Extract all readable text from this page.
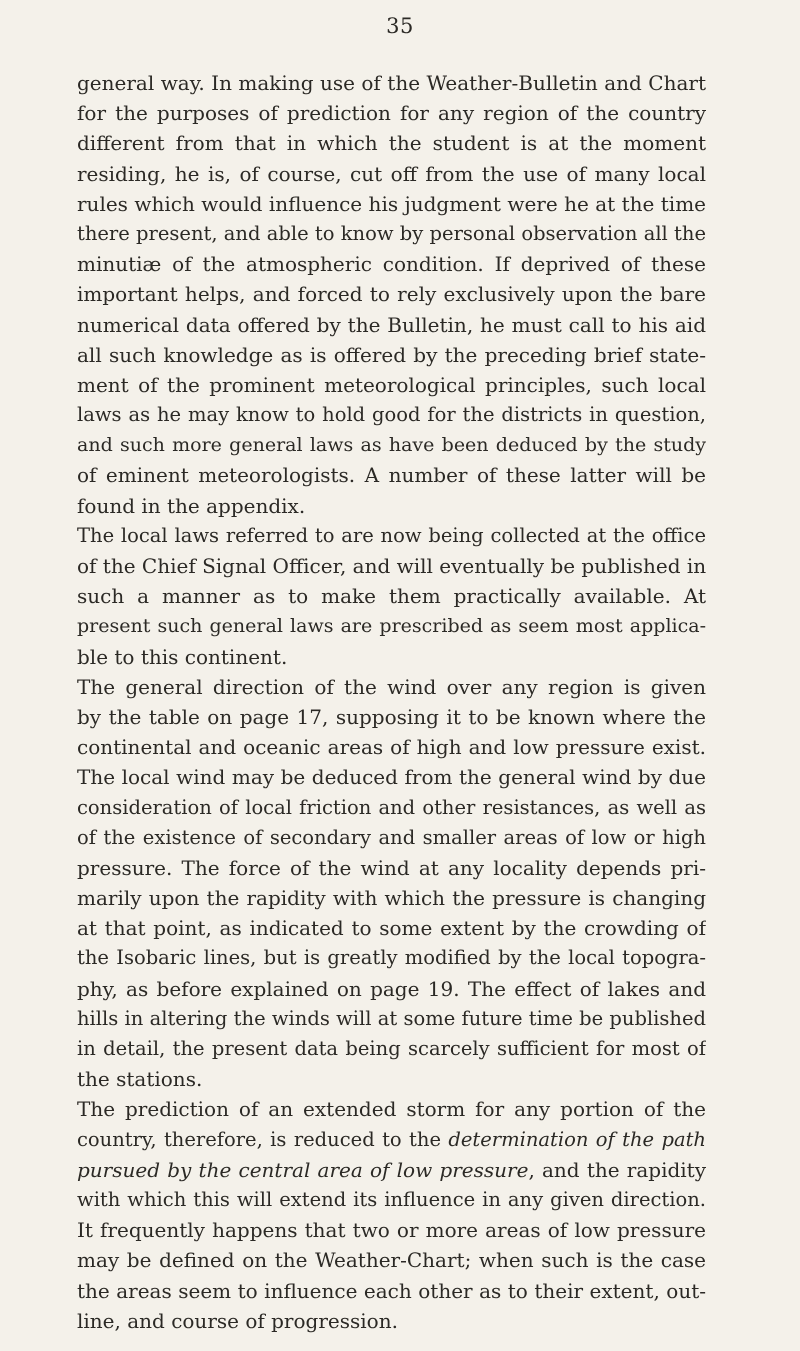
35
general way. In making use of the Weather-Bulletin and Chart
for the purposes of prediction for any region of the country
different from that in which the student is at the moment
residing, he is, of course, cut off from the use of many local
rules which would influence his judgment were he at the time
there present, and able to know by personal observation all the
minutiæ of the atmospheric condition. If deprived of these
important helps, and forced to rely exclusively upon the bare
numerical data offered by the Bulletin, he must call to his aid
all such knowledge as is offered by the preceding brief state-
ment of the prominent meteorological principles, such local
laws as he may know to hold good for the districts in question,
and such more general laws as have been deduced by the study
of eminent meteorologists. A number of these latter will be
found in the appendix.
The local laws referred to are now being collected at the office
of the Chief Signal Officer, and will eventually be published in
such a manner as to make them practically available. At
present such general laws are prescribed as seem most applica-
ble to this continent.
The general direction of the wind over any region is given
by the table on page 17, supposing it to be known where the
continental and oceanic areas of high and low pressure exist.
The local wind may be deduced from the general wind by due
consideration of local friction and other resistances, as well as
of the existence of secondary and smaller areas of low or high
pressure. The force of the wind at any locality depends pri-
marily upon the rapidity with which the pressure is changing
at that point, as indicated to some extent by the crowding of
the Isobaric lines, but is greatly modified by the local topogra-
phy, as before explained on page 19. The effect of lakes and
hills in altering the winds will at some future time be published
in detail, the present data being scarcely sufficient for most of
the stations.
The prediction of an extended storm for any portion of the
country, therefore, is reduced to the determination of the path
pursued by the central area of low pressure, and the rapidity
with which this will extend its influence in any given direction.
It frequently happens that two or more areas of low pressure
may be defined on the Weather-Chart; when such is the case
the areas seem to influence each other as to their extent, out-
line, and course of progression.
